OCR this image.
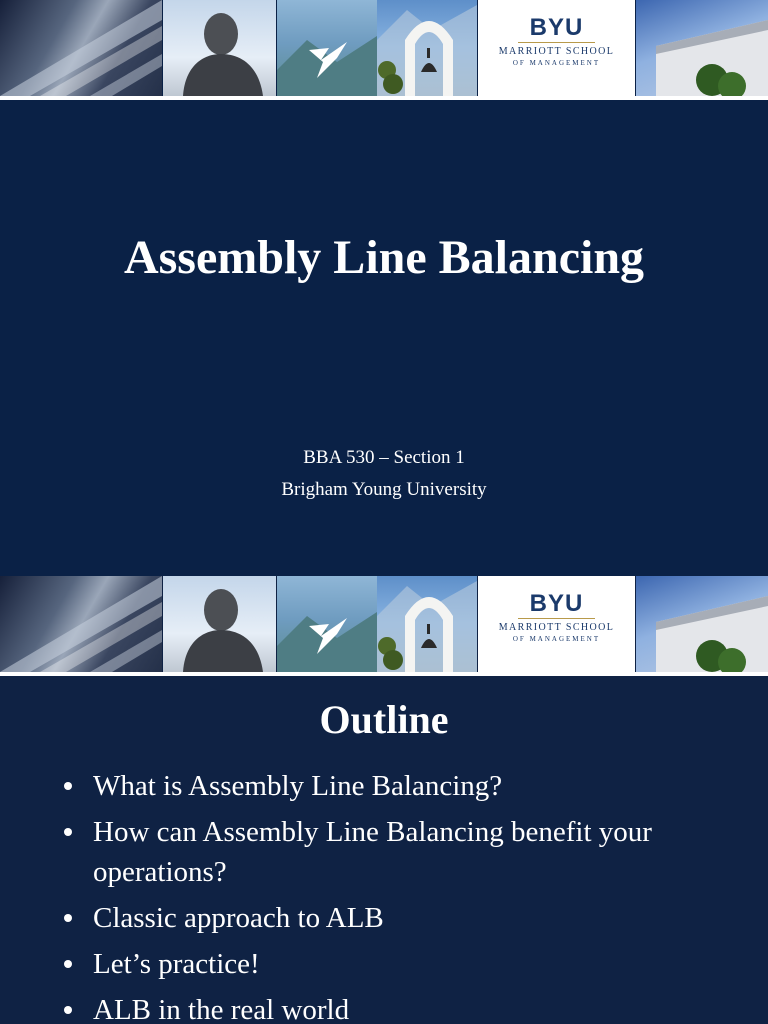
BYU
MARRIOTT SCHOOL
OF MANAGEMENT
Assembly Line Balancing

BBA 530 – Section 1

Brigham Young University

BYU
MARRIOTT SCHOOL
OF MANAGEMENT
Outline
What is Assembly Line Balancing?
How can Assembly Line Balancing benefit your operations?
Classic approach to ALB
Let’s practice!
ALB in the real world
